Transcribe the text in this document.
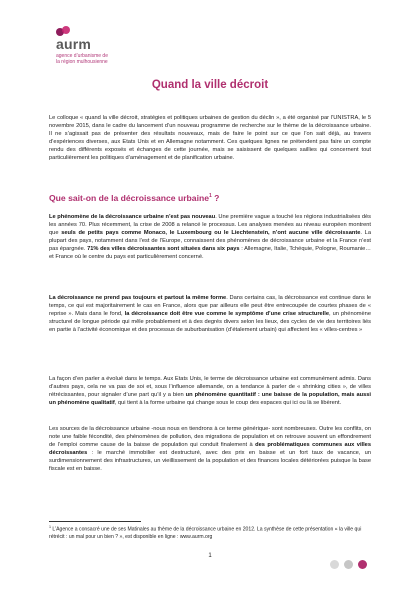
aurm
agence d’urbanisme de
la région mulhousienne
Quand la ville décroit

Le colloque « quand la ville décroit, stratégies et politiques urbaines de gestion du déclin », a été organisé par l’UNISTRA, le 5 novembre 2015, dans le cadre du lancement d’un nouveau programme de recherche sur le thème de la décroissance urbaine. Il ne s’agissait pas de présenter des résultats nouveaux, mais de faire le point sur ce que l’on sait déjà, au travers d’expériences diverses, aux Etats Unis et en Allemagne notamment. Ces quelques lignes ne prétendent pas faire un compte rendu des différents exposés et échanges de cette journée, mais se saisissent de quelques saillies qui concernent tout particulièrement les politiques d’aménagement et de planification urbaine.

Que sait-on de la décroissance urbaine$^1$ ?

Le phénomène de la décroissance urbaine n’est pas nouveau. Une première vague a touché les régions industrialisées dès les années 70. Plus récemment, la crise de 2008 a relancé le processus. Les analyses menées au niveau européen montrent que seuls de petits pays comme Monaco, le Luxembourg ou le Liechtenstein, n’ont aucune ville décroissante. La plupart des pays, notamment dans l’est de l’Europe, connaissent des phénomènes de décroissance urbaine et la France n’est pas épargnée. 71% des villes décroissantes sont situées dans six pays : Allemagne, Italie, Tchéquie, Pologne, Roumanie… et France où le centre du pays est particulièrement concerné.

La décroissance ne prend pas toujours et partout la même forme. Dans certains cas, la décroissance est continue dans le temps, ce qui est majoritairement le cas en France, alors que par ailleurs elle peut être entrecoupée de courtes phases de « reprise ». Mais dans le fond, la décroissance doit être vue comme le symptôme d’une crise structurelle, un phénomène structurel de longue période qui mêle probablement et à des degrés divers selon les lieux, des cycles de vie des territoires liés en partie à l’activité économique et des processus de suburbanisation (d’étalement urbain) qui affectent les « villes-centres »

La façon d’en parler a évolué dans le temps. Aux Etats Unis, le terme de décroissance urbaine est communément admis. Dans d’autres pays, cela ne va pas de soi et, sous l’influence allemande, on a tendance à parler de « shrinking cities », de villes rétrécissantes, pour signaler d’une part qu’il y a bien un phénomène quantitatif : une baisse de la population, mais aussi un phénomène qualitatif, qui tient à la forme urbaine qui change sous le coup des espaces qui ici ou là se libèrent.

Les sources de la décroissance urbaine -nous nous en tiendrons à ce terme générique- sont nombreuses. Outre les conflits, on note une faible fécondité, des phénomènes de pollution, des migrations de population et on retrouve souvent un effondrement de l’emploi comme cause de la baisse de population qui conduit finalement à des problématiques communes aux villes décroissantes : le marché immobilier est destructuré, avec des prix en baisse et un fort taux de vacance, un surdimensionnement des infrastructures, un vieillissement de la population et des finances locales détériorées puisque la base fiscale est en baisse.

$^1$ L’Agence a consacré une de ses Matinales au thème de la décroissance urbaine en 2012. La synthèse de cette présentation « la ville qui rétrécit : un mal pour un bien ? », est disponible en ligne : www.aurm.org

1
